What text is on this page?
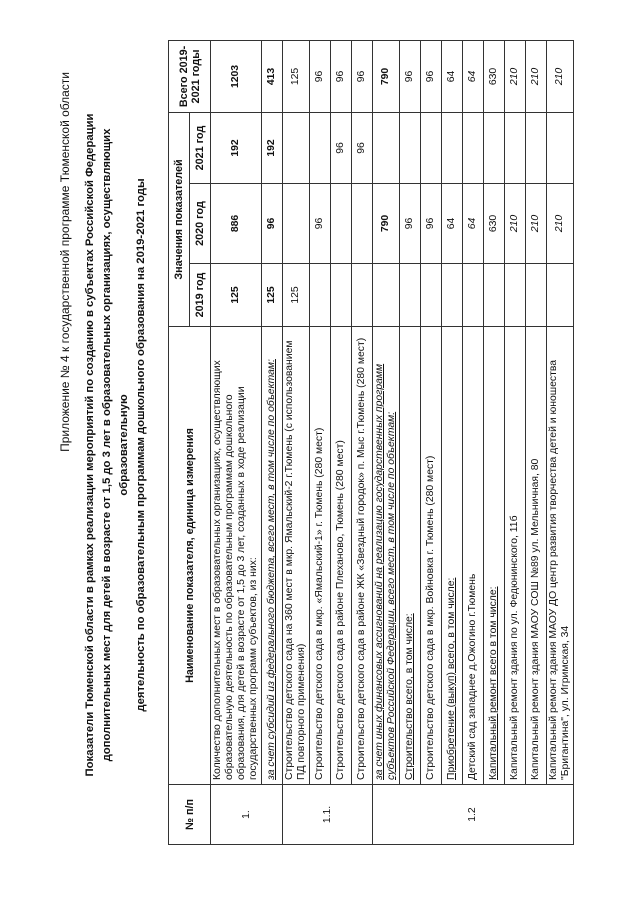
Приложение № 4 к государственной программе Тюменской области Показатели Тюменской области в рамках реализации мероприятий по созданию в субъектах Российской Федерации дополнительных мест для детей в возрасте от 1,5 до 3 лет в образовательных организациях, осуществляющих образовательную деятельность по образовательным программам дошкольного образования на 2019-2021 годы
№ п/п	Наименование показателя, единица измерения	Значения показателей			Всего 2019-2021 годы
		2019 год	2020 год	2021 год	
1.	Количество дополнительных мест в образовательных организациях, осуществляющих образовательную деятельность по образовательным программам дошкольного образования, для детей в возрасте от 1,5 до 3 лет, созданных в ходе реализации государственных программ субъектов, из них:	125	886	192	1203
	за счет субсидий из федерального бюджета, всего мест, в том числе по объектам:	125	96	192	413
1.1.	Строительство детского сада на 360 мест в мкр. Ямальский-2 г.Тюмень (с использованием ПД повторного применения)	125			125
	Строительство детского сада в мкр. «Ямальский-1» г. Тюмень (280 мест)		96		96
	Строительство детского сада в районе Плеханово, Тюмень (280 мест)			96	96
	Строительство детского сада в районе ЖК «Звездный городок» п. Мыс г.Тюмень (280 мест)			96	96
1.2	за счет иных финансовых ассигнований на реализацию государственных программ субъектов Российской Федерации, всего мест, в том числе по объектам:		790		790
	Строительство всего, в том числе:		96		96
	Строительство детского сада в мкр. Войновка г. Тюмень (280 мест)		96		96
	Приобретение (выкуп) всего, в том числе:		64		64
	Детский сад западнее д.Ожогино г.Тюмень		64		64
	Капитальный ремонт всего в том числе:		630		630
	Капитальный ремонт здания по ул. Федюнинского, 11б		210		210
	Капитальный ремонт здания МАОУ СОШ №89 ул. Мельничная, 80		210		210
	Капитальный ремонт здания МАОУ ДО центр развития творчества детей и юношества "Бригантина", ул. Игримская, 34		210		210
